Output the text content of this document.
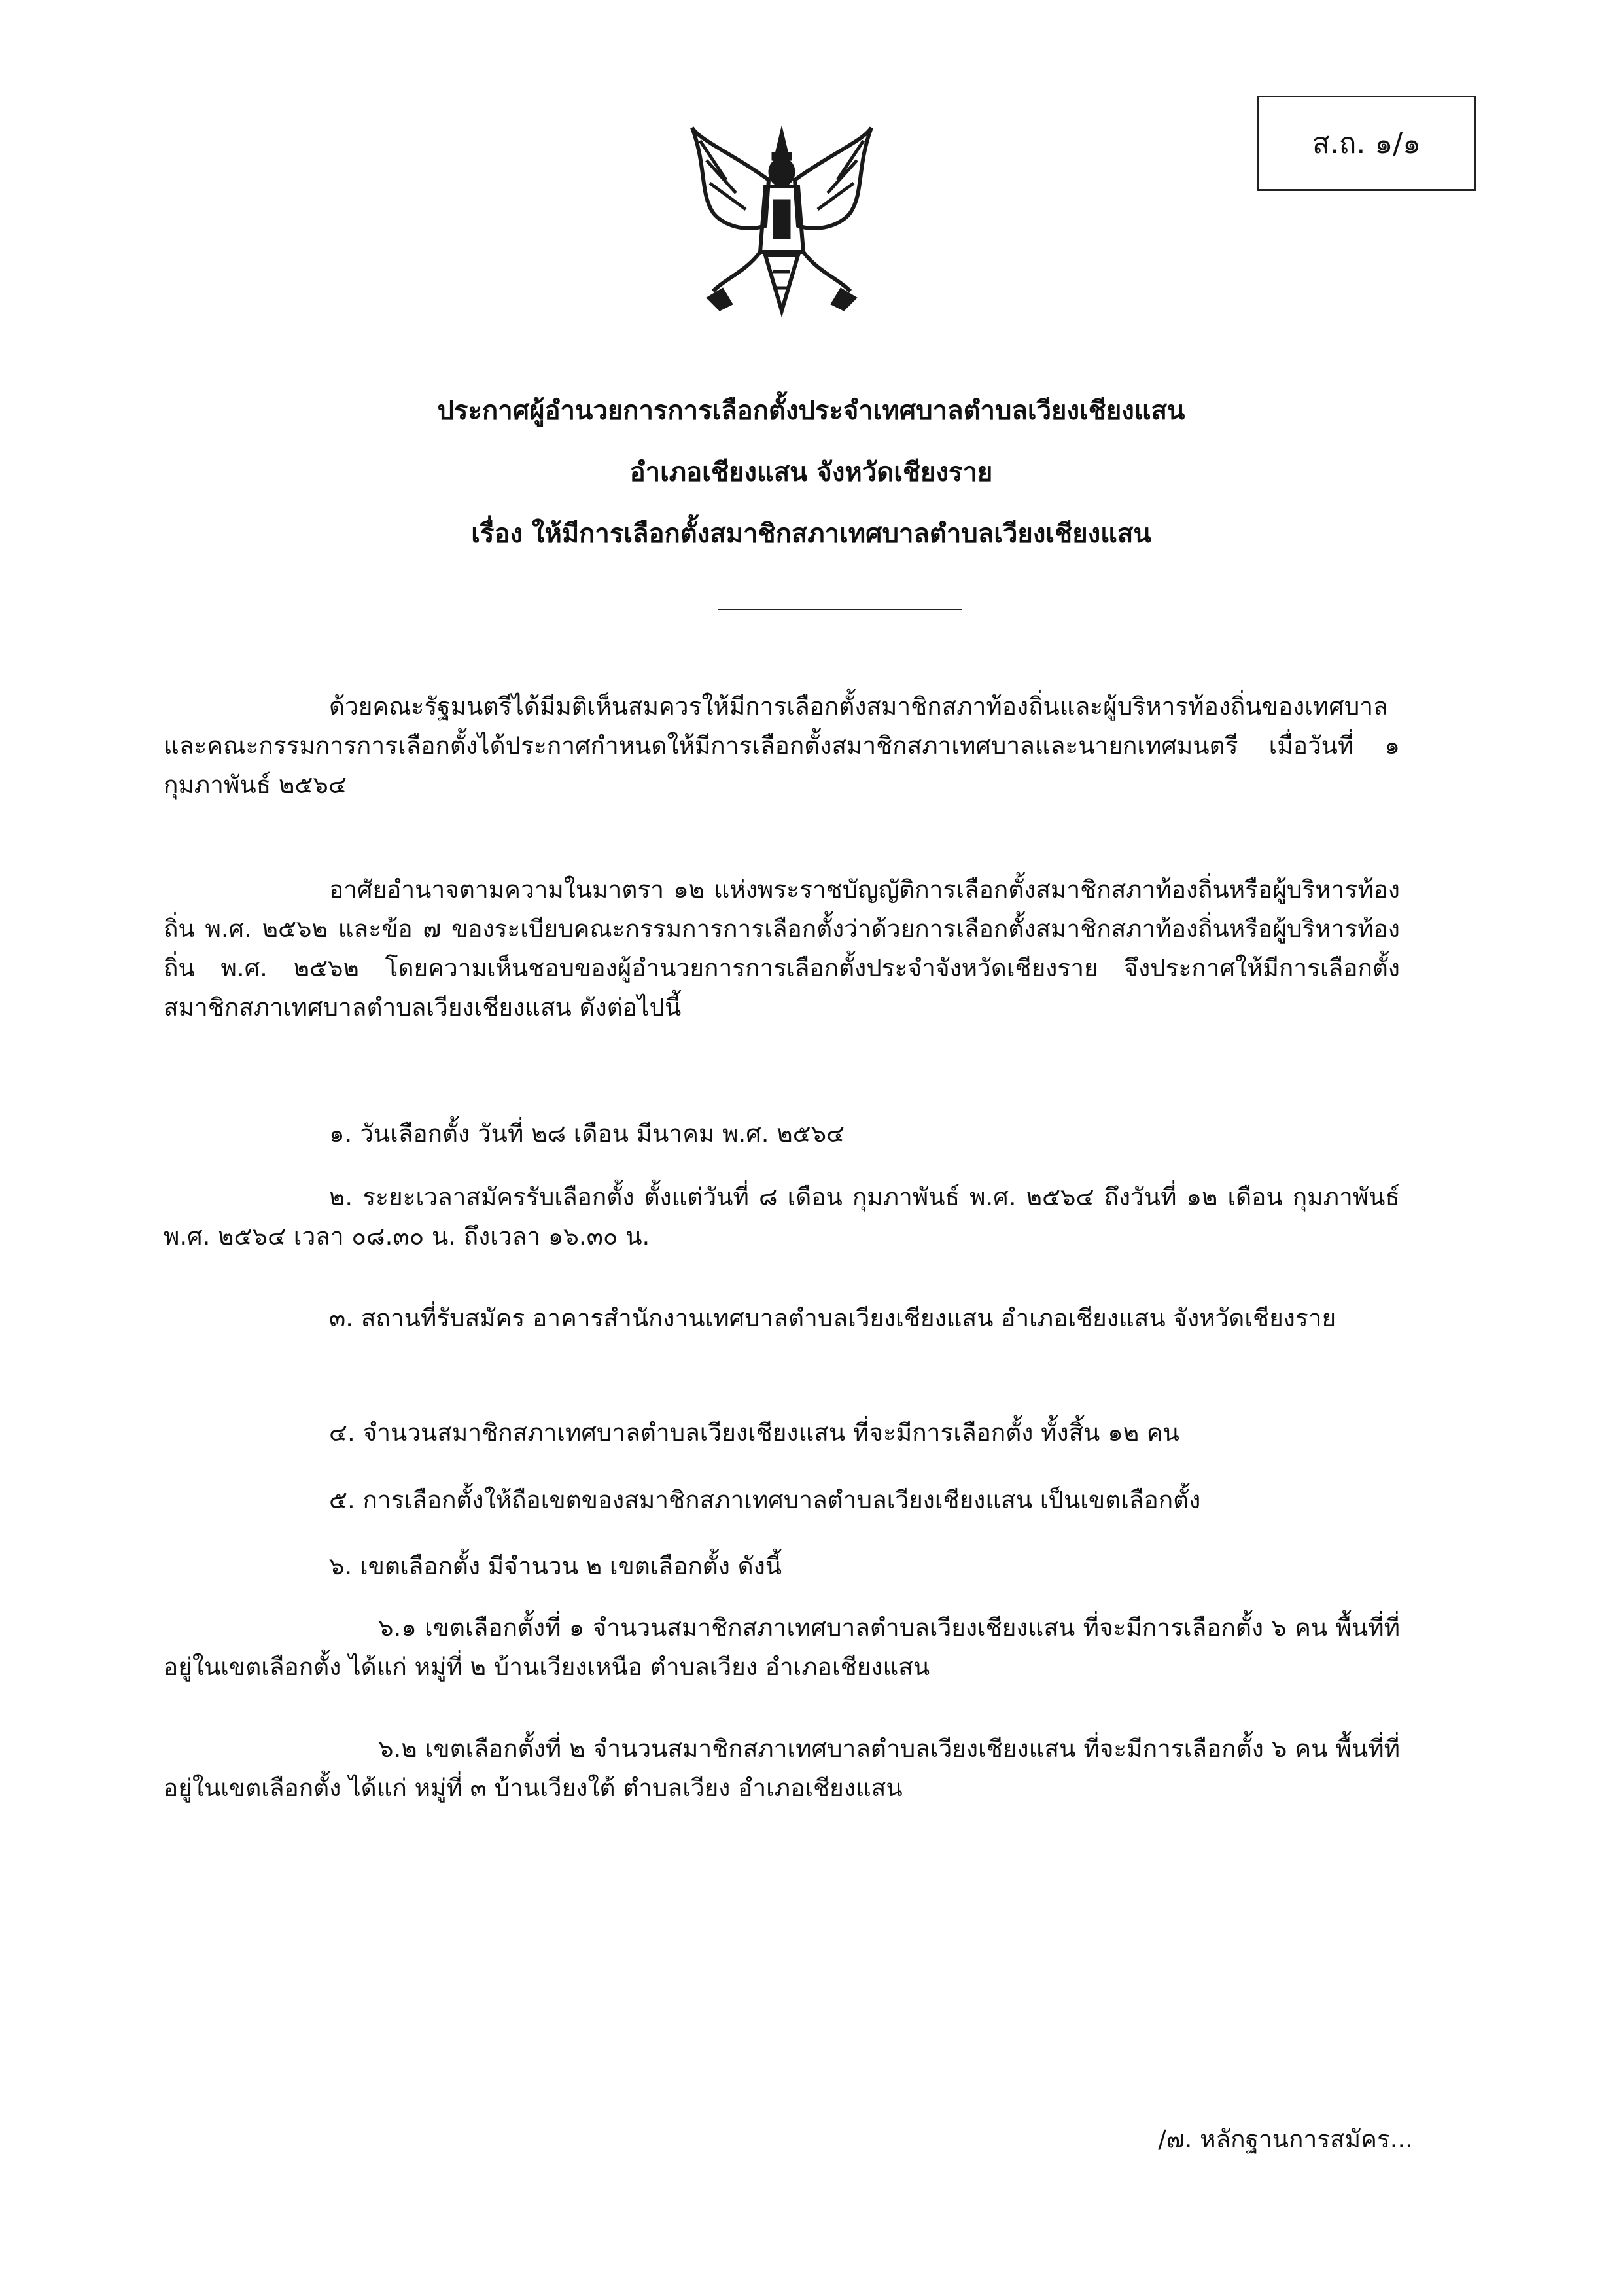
ส.ถ. ๑/๑
ประกาศผู้อำนวยการการเลือกตั้งประจำเทศบาลตำบลเวียงเชียงแสน
อำเภอเชียงแสน จังหวัดเชียงราย
เรื่อง ให้มีการเลือกตั้งสมาชิกสภาเทศบาลตำบลเวียงเชียงแสน
ด้วยคณะรัฐมนตรีได้มีมติเห็นสมควรให้มีการเลือกตั้งสมาชิกสภาท้องถิ่นและผู้บริหารท้องถิ่นของเทศบาล และคณะกรรมการการเลือกตั้งได้ประกาศกำหนดให้มีการเลือกตั้งสมาชิกสภาเทศบาลและนายกเทศมนตรี เมื่อวันที่ ๑ กุมภาพันธ์ ๒๕๖๔
อาศัยอำนาจตามความในมาตรา ๑๒ แห่งพระราชบัญญัติการเลือกตั้งสมาชิกสภาท้องถิ่นหรือผู้บริหารท้องถิ่น พ.ศ. ๒๕๖๒ และข้อ ๗ ของระเบียบคณะกรรมการการเลือกตั้งว่าด้วยการเลือกตั้งสมาชิกสภาท้องถิ่นหรือผู้บริหารท้องถิ่น พ.ศ. ๒๕๖๒ โดยความเห็นชอบของผู้อำนวยการการเลือกตั้งประจำจังหวัดเชียงราย จึงประกาศให้มีการเลือกตั้ง สมาชิกสภาเทศบาลตำบลเวียงเชียงแสน ดังต่อไปนี้
๑. วันเลือกตั้ง วันที่ ๒๘ เดือน มีนาคม พ.ศ. ๒๕๖๔
๒. ระยะเวลาสมัครรับเลือกตั้ง ตั้งแต่วันที่ ๘ เดือน กุมภาพันธ์ พ.ศ. ๒๕๖๔ ถึงวันที่ ๑๒ เดือน กุมภาพันธ์ พ.ศ. ๒๕๖๔ เวลา ๐๘.๓๐ น. ถึงเวลา ๑๖.๓๐ น.
๓. สถานที่รับสมัคร อาคารสำนักงานเทศบาลตำบลเวียงเชียงแสน อำเภอเชียงแสน จังหวัดเชียงราย
๔. จำนวนสมาชิกสภาเทศบาลตำบลเวียงเชียงแสน ที่จะมีการเลือกตั้ง ทั้งสิ้น ๑๒ คน
๕. การเลือกตั้งให้ถือเขตของสมาชิกสภาเทศบาลตำบลเวียงเชียงแสน เป็นเขตเลือกตั้ง
๖. เขตเลือกตั้ง มีจำนวน ๒ เขตเลือกตั้ง ดังนี้
๖.๑ เขตเลือกตั้งที่ ๑ จำนวนสมาชิกสภาเทศบาลตำบลเวียงเชียงแสน ที่จะมีการเลือกตั้ง ๖ คน พื้นที่ที่อยู่ในเขตเลือกตั้ง ได้แก่ หมู่ที่ ๒ บ้านเวียงเหนือ ตำบลเวียง อำเภอเชียงแสน
๖.๒ เขตเลือกตั้งที่ ๒ จำนวนสมาชิกสภาเทศบาลตำบลเวียงเชียงแสน ที่จะมีการเลือกตั้ง ๖ คน พื้นที่ที่อยู่ในเขตเลือกตั้ง ได้แก่ หมู่ที่ ๓ บ้านเวียงใต้ ตำบลเวียง อำเภอเชียงแสน
/๗. หลักฐานการสมัคร...
